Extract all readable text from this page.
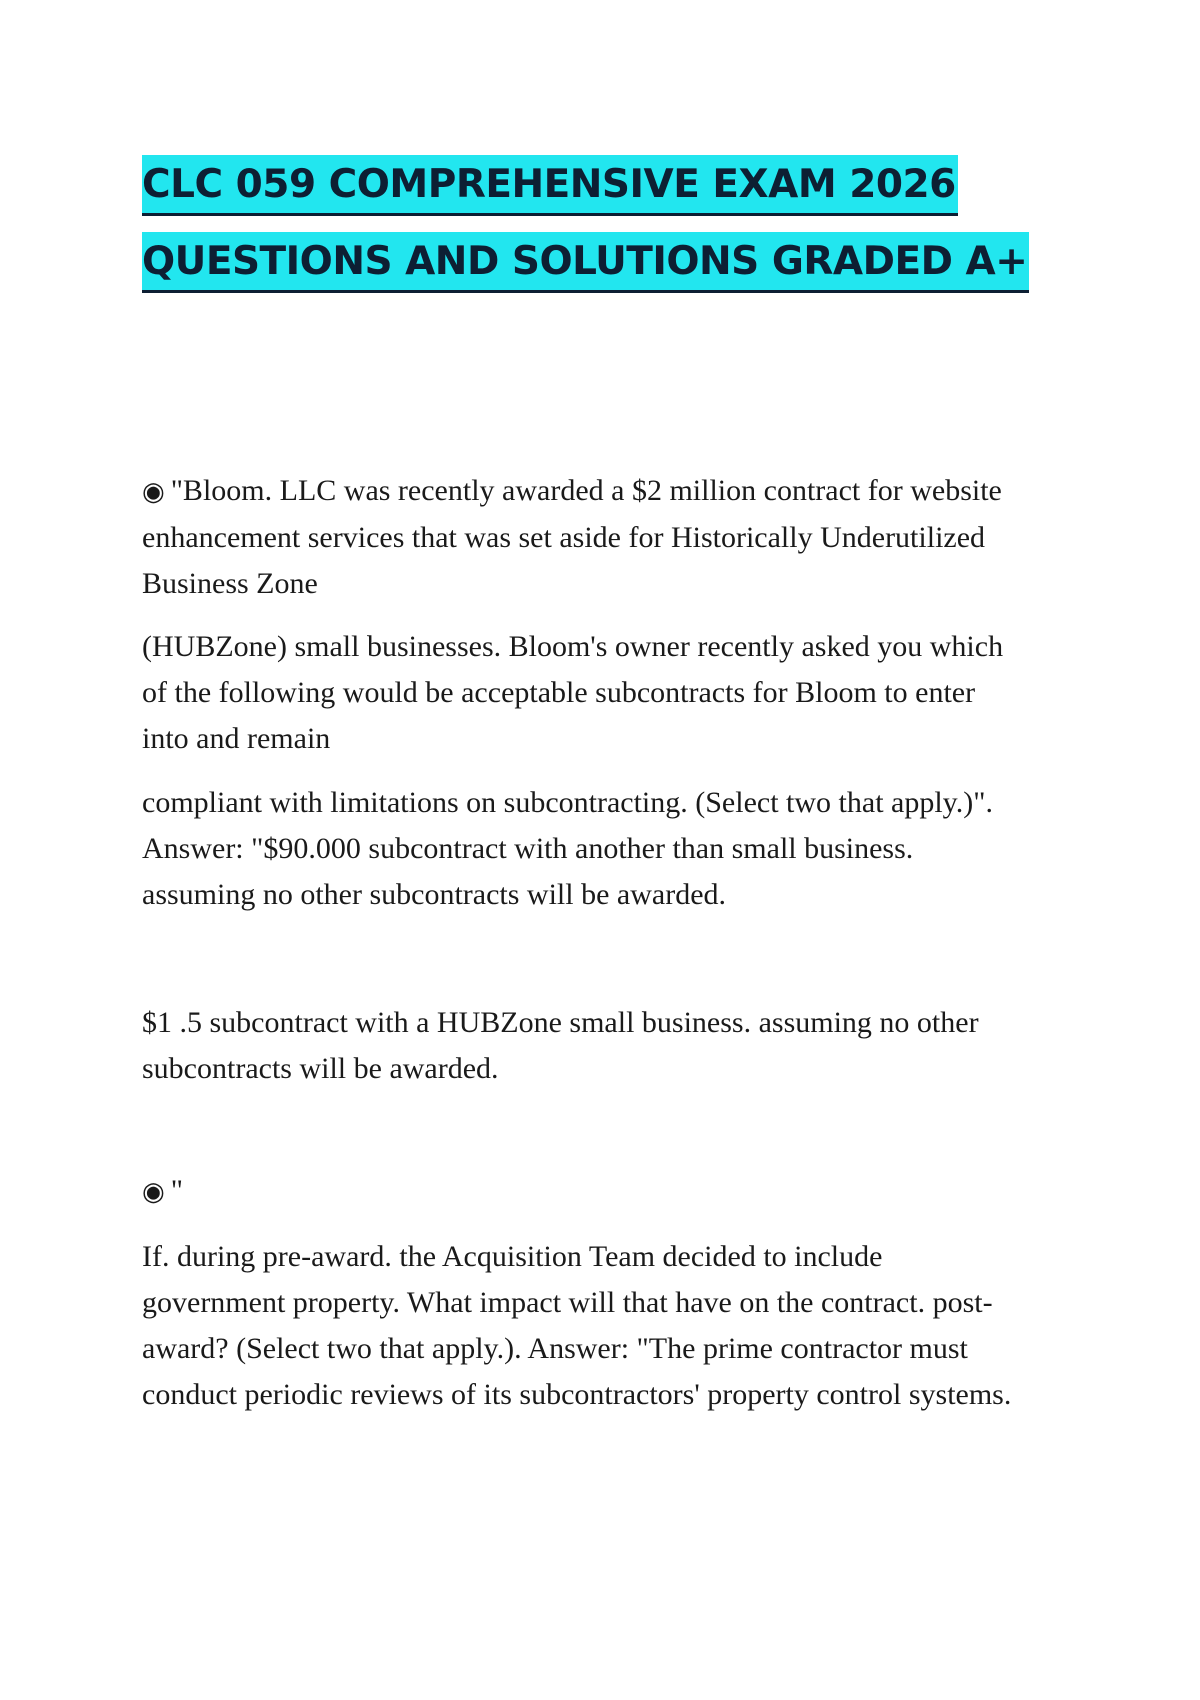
CLC 059 COMPREHENSIVE EXAM 2026
QUESTIONS AND SOLUTIONS GRADED A+

◉ "Bloom. LLC was recently awarded a $2 million contract for website
enhancement services that was set aside for Historically Underutilized
Business Zone

(HUBZone) small businesses. Bloom's owner recently asked you which
of the following would be acceptable subcontracts for Bloom to enter
into and remain

compliant with limitations on subcontracting. (Select two that apply.)".
Answer: "$90.000 subcontract with another than small business.
assuming no other subcontracts will be awarded.

$1 .5 subcontract with a HUBZone small business. assuming no other
subcontracts will be awarded.

◉ "

If. during pre-award. the Acquisition Team decided to include
government property. What impact will that have on the contract. post-
award? (Select two that apply.). Answer: "The prime contractor must
conduct periodic reviews of its subcontractors' property control systems.
